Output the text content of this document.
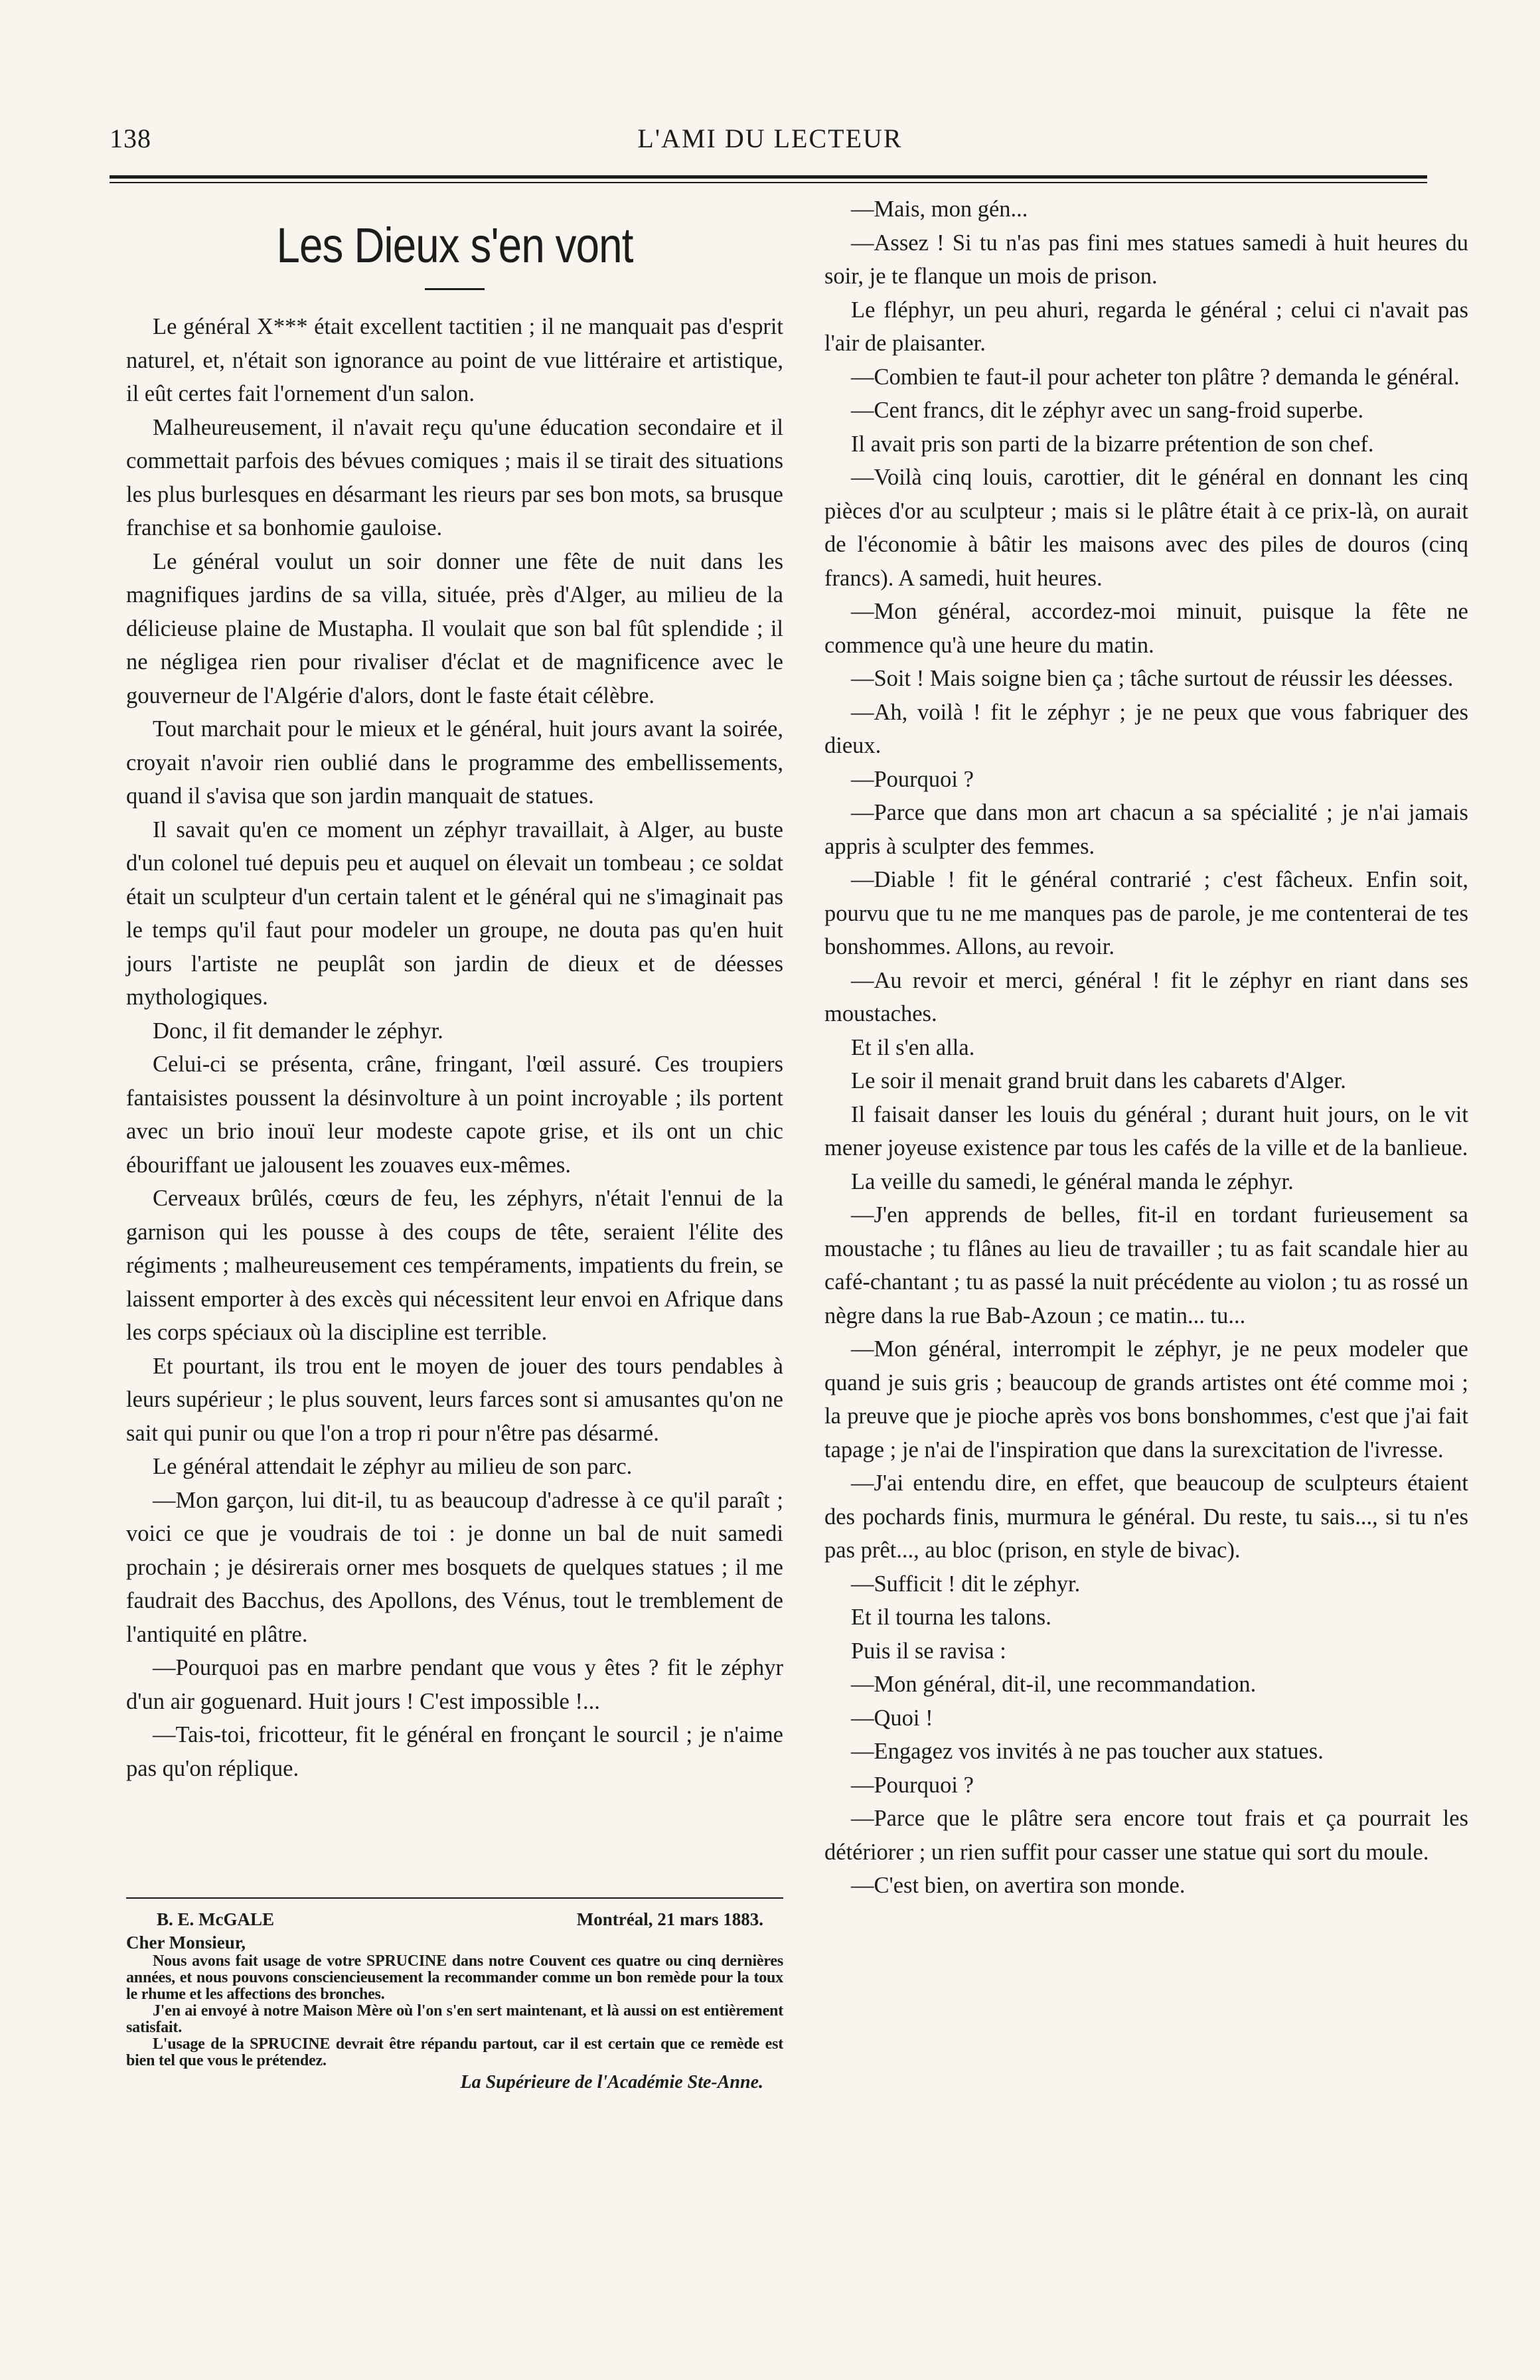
138	L'AMI DU LECTEUR
Les Dieux s'en vont

Le général X*** était excellent tactitien ; il ne manquait pas d'esprit naturel, et, n'était son ignorance au point de vue littéraire et artistique, il eût certes fait l'ornement d'un salon.

Malheureusement, il n'avait reçu qu'une éducation secondaire et il commettait parfois des bévues comiques ; mais il se tirait des situations les plus burlesques en désarmant les rieurs par ses bon mots, sa brusque franchise et sa bonhomie gauloise.

Le général voulut un soir donner une fête de nuit dans les magnifiques jardins de sa villa, située, près d'Alger, au milieu de la délicieuse plaine de Mustapha. Il voulait que son bal fût splendide ; il ne négligea rien pour rivaliser d'éclat et de magnificence avec le gouverneur de l'Algérie d'alors, dont le faste était célèbre.

Tout marchait pour le mieux et le général, huit jours avant la soirée, croyait n'avoir rien oublié dans le programme des embellissements, quand il s'avisa que son jardin manquait de statues.

Il savait qu'en ce moment un zéphyr travaillait, à Alger, au buste d'un colonel tué depuis peu et auquel on élevait un tombeau ; ce soldat était un sculpteur d'un certain talent et le général qui ne s'imaginait pas le temps qu'il faut pour modeler un groupe, ne douta pas qu'en huit jours l'artiste ne peuplât son jardin de dieux et de déesses mythologiques.

Donc, il fit demander le zéphyr.

Celui-ci se présenta, crâne, fringant, l'œil assuré. Ces troupiers fantaisistes poussent la désinvolture à un point incroyable ; ils portent avec un brio inouï leur modeste capote grise, et ils ont un chic ébouriffant ue jalousent les zouaves eux-mêmes.

Cerveaux brûlés, cœurs de feu, les zéphyrs, n'était l'ennui de la garnison qui les pousse à des coups de tête, seraient l'élite des régiments ; malheureusement ces tempéraments, impatients du frein, se laissent emporter à des excès qui nécessitent leur envoi en Afrique dans les corps spéciaux où la discipline est terrible.

Et pourtant, ils trou ent le moyen de jouer des tours pendables à leurs supérieur ; le plus souvent, leurs farces sont si amusantes qu'on ne sait qui punir ou que l'on a trop ri pour n'être pas désarmé.

Le général attendait le zéphyr au milieu de son parc.

—Mon garçon, lui dit-il, tu as beaucoup d'adresse à ce qu'il paraît ; voici ce que je voudrais de toi : je donne un bal de nuit samedi prochain ; je désirerais orner mes bosquets de quelques statues ; il me faudrait des Bacchus, des Apollons, des Vénus, tout le tremblement de l'antiquité en plâtre.

—Pourquoi pas en marbre pendant que vous y êtes ? fit le zéphyr d'un air goguenard. Huit jours ! C'est impossible !...

—Tais-toi, fricotteur, fit le général en fronçant le sourcil ; je n'aime pas qu'on réplique.

B. E. McGALE	Montréal, 21 mars 1883.
Cher Monsieur,

Nous avons fait usage de votre SPRUCINE dans notre Couvent ces quatre ou cinq dernières années, et nous pouvons consciencieusement la recommander comme un bon remède pour la toux le rhume et les affections des bronches.

J'en ai envoyé à notre Maison Mère où l'on s'en sert maintenant, et là aussi on est entièrement satisfait.

L'usage de la SPRUCINE devrait être répandu partout, car il est certain que ce remède est bien tel que vous le prétendez.

La Supérieure de l'Académie Ste-Anne.

—Mais, mon gén...

—Assez ! Si tu n'as pas fini mes statues samedi à huit heures du soir, je te flanque un mois de prison.

Le fléphyr, un peu ahuri, regarda le général ; celui ci n'avait pas l'air de plaisanter.

—Combien te faut-il pour acheter ton plâtre ? demanda le général.

—Cent francs, dit le zéphyr avec un sang-froid superbe.

Il avait pris son parti de la bizarre prétention de son chef.

—Voilà cinq louis, carottier, dit le général en donnant les cinq pièces d'or au sculpteur ; mais si le plâtre était à ce prix-là, on aurait de l'économie à bâtir les maisons avec des piles de douros (cinq francs). A samedi, huit heures.

—Mon général, accordez-moi minuit, puisque la fête ne commence qu'à une heure du matin.

—Soit ! Mais soigne bien ça ; tâche surtout de réussir les déesses.

—Ah, voilà ! fit le zéphyr ; je ne peux que vous fabriquer des dieux.

—Pourquoi ?

—Parce que dans mon art chacun a sa spécialité ; je n'ai jamais appris à sculpter des femmes.

—Diable ! fit le général contrarié ; c'est fâcheux. Enfin soit, pourvu que tu ne me manques pas de parole, je me contenterai de tes bonshommes. Allons, au revoir.

—Au revoir et merci, général ! fit le zéphyr en riant dans ses moustaches.

Et il s'en alla.

Le soir il menait grand bruit dans les cabarets d'Alger.

Il faisait danser les louis du général ; durant huit jours, on le vit mener joyeuse existence par tous les cafés de la ville et de la banlieue.

La veille du samedi, le général manda le zéphyr.

—J'en apprends de belles, fit-il en tordant furieusement sa moustache ; tu flânes au lieu de travailler ; tu as fait scandale hier au café-chantant ; tu as passé la nuit précédente au violon ; tu as rossé un nègre dans la rue Bab-Azoun ; ce matin... tu...

—Mon général, interrompit le zéphyr, je ne peux modeler que quand je suis gris ; beaucoup de grands artistes ont été comme moi ; la preuve que je pioche après vos bons bonshommes, c'est que j'ai fait tapage ; je n'ai de l'inspiration que dans la surexcitation de l'ivresse.

—J'ai entendu dire, en effet, que beaucoup de sculpteurs étaient des pochards finis, murmura le général. Du reste, tu sais..., si tu n'es pas prêt..., au bloc (prison, en style de bivac).

—Sufficit ! dit le zéphyr.

Et il tourna les talons.

Puis il se ravisa :

—Mon général, dit-il, une recommandation.

—Quoi !

—Engagez vos invités à ne pas toucher aux statues.

—Pourquoi ?

—Parce que le plâtre sera encore tout frais et ça pourrait les détériorer ; un rien suffit pour casser une statue qui sort du moule.

—C'est bien, on avertira son monde.
